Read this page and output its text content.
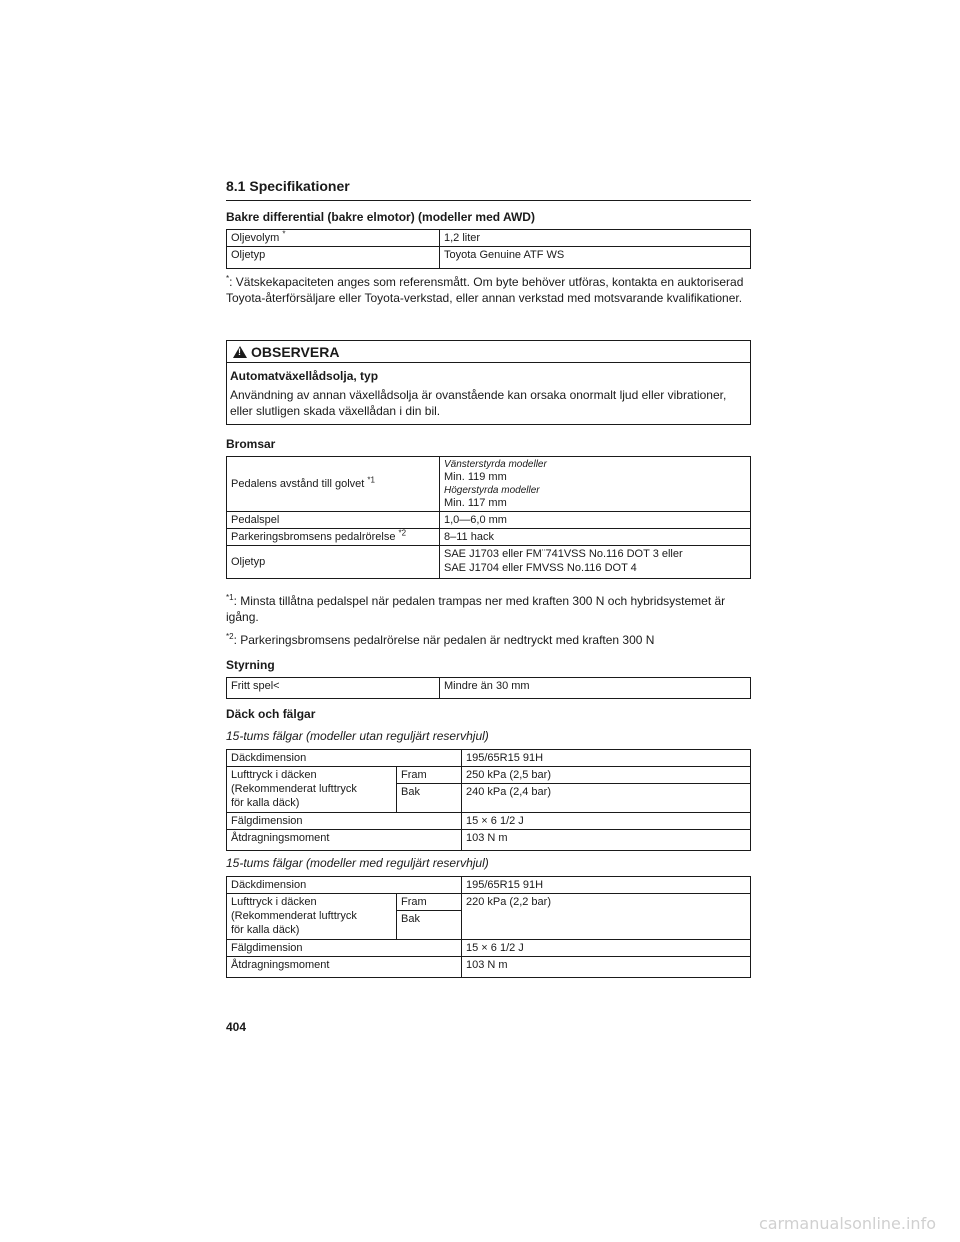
8.1 Specifikationer
Bakre differential (bakre elmotor) (modeller med AWD)
Oljevolym *	1,2 liter
Oljetyp	Toyota Genuine ATF WS
*: Vätskekapaciteten anges som referensmått. Om byte behöver utföras, kontakta en auktoriserad Toyota-återförsäljare eller Toyota-verkstad, eller annan verkstad med motsvarande kvalifikationer.
!
OBSERVERA
Automatväxellådsolja, typ
Användning av annan växellådsolja är ovanstående kan orsaka onormalt ljud eller vibrationer, eller slutligen skada växellådan i din bil.
Bromsar
Pedalens avstånd till golvet $^{*1}$	Vänsterstyrda modeller
Min. 119 mm
Högerstyrda modeller
Min. 117 mm

Pedalspel	1,0—6,0 mm
Parkeringsbromsens pedalrörelse $^{*2}$	8–11 hack
Oljetyp	SAE J1703 eller FM¨741VSS No.116 DOT 3 eller
SAE J1704 eller FMVSS No.116 DOT 4
$^{*1}$: Minsta tillåtna pedalspel när pedalen trampas ner med kraften 300 N och hybridsystemet är igång.
$^{*2}$: Parkeringsbromsens pedalrörelse när pedalen är nedtryckt med kraften 300 N
Styrning
Fritt spel<	Mindre än 30 mm
Däck och fälgar
15-tums fälgar (modeller utan reguljärt reservhjul)
Däckdimension		195/65R15 91H

Lufttryck i däcken
(Rekommenderat lufttryck
för kalla däck)	Fram	250 kPa (2,5 bar)
	Bak	240 kPa (2,4 bar)
Fälgdimension		15 × 6 1/2 J
Åtdragningsmoment		103 N m
15-tums fälgar (modeller med reguljärt reservhjul)
Däckdimension		195/65R15 91H

Lufttryck i däcken
(Rekommenderat lufttryck
för kalla däck)	Fram	220 kPa (2,2 bar)
	Bak	
Fälgdimension		15 × 6 1/2 J
Åtdragningsmoment		103 N m
404
carmanualsonline.info
